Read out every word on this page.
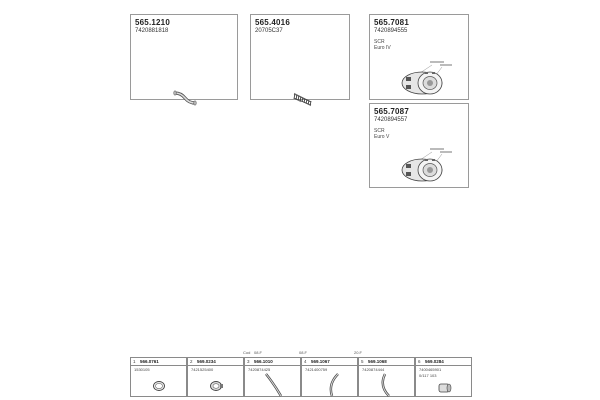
565.1210
7420881818
565.4016
20705C37
565.7081
7420894555
SCR
Euro IV
565.7087
7420894557
SCR
Euro V
Cod 08.F	08.F	20.F
1 566.0761
1530105
2 569.0234
7421525400
3 566.1010
7420874425
4 569.1067
7421400759
5 569.1068
7420874444
6 569.0284
7400465901
0/117 103
